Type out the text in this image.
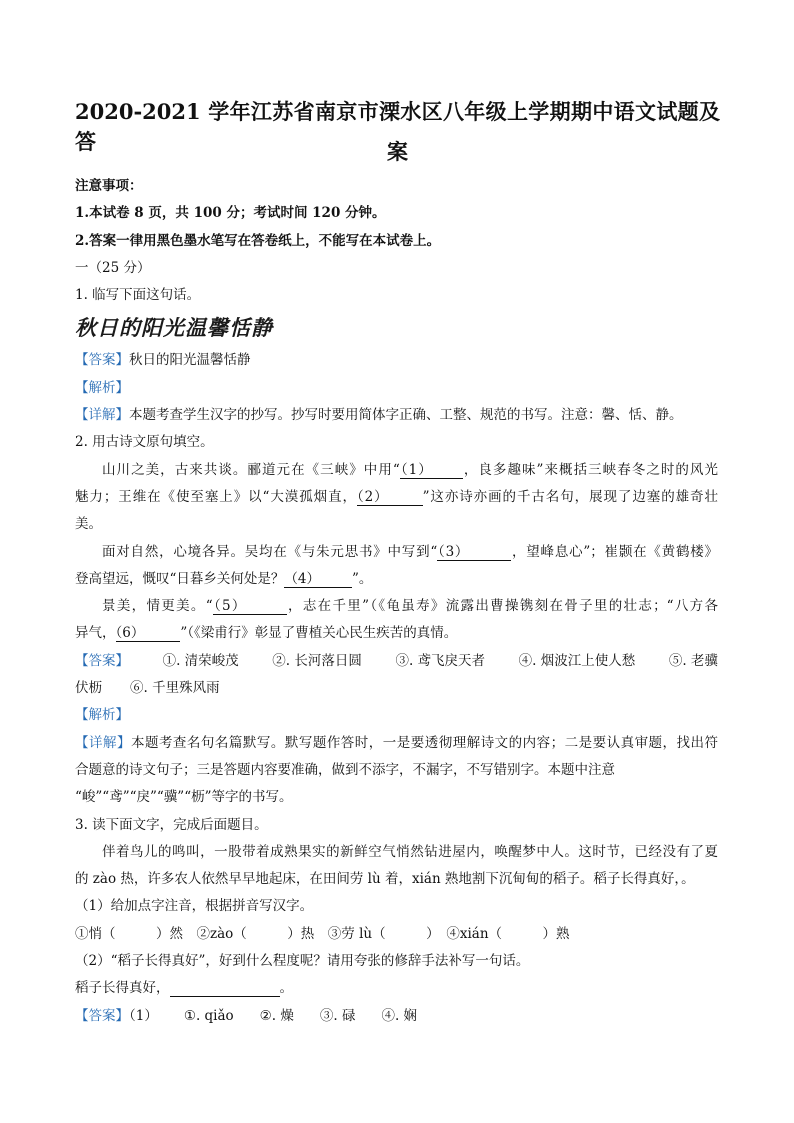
2020-2021 学年江苏省南京市溧水区八年级上学期期中语文试题及答	案
注意事项：
1.本试卷 8 页，共 100 分；考试时间 120 分钟。
2.答案一律用黑色墨水笔写在答卷纸上，不能写在本试卷上。
一（25 分）
1. 临写下面这句话。
秋日的阳光温馨恬静
【答案】秋日的阳光温馨恬静
【解析】
【详解】本题考查学生汉字的抄写。抄写时要用简体字正确、工整、规范的书写。注意：馨、恬、静。
2. 用古诗文原句填空。
山川之美，古来共谈。郦道元在《三峡》中用“（1） ，良多趣味”来概括三峡春冬之时的风光
魅力；王维在《使至塞上》以“大漠孤烟直，（2）	”这亦诗亦画的千古名句，展现了边塞的雄奇壮
美。
面对自然，心境各异。吴均在《与朱元思书》中写到“（3）	，望峰息心”；崔颢在《黄鹤楼》
登高望远，慨叹“日暮乡关何处是？（4） ”。
景美，情更美。“（5）	，志在千里”（《龟虽寿》流露出曹操镌刻在骨子里的壮志；“八方各
异气，（6）	”（《梁甫行》彰显了曹植关心民生疾苦的真情。
【答案】 ①. 清荣峻茂 ②. 长河落日圆 ③. 鸢飞戾天者 ④. 烟波江上使人愁 ⑤. 老骥
伏枥 ⑥. 千里殊风雨
【解析】
【详解】本题考查名句名篇默写。默写题作答时，一是要透彻理解诗文的内容；二是要认真审题，找出符
合题意的诗文句子；三是答题内容要准确，做到不添字，不漏字，不写错别字。本题中注意
“峻”“鸢”“戾”“骥”“枥”等字的书写。
3. 读下面文字，完成后面题目。
伴着鸟儿的鸣叫，一股带着成熟果实的新鲜空气悄然钻进屋内，唤醒梦中人。这时节，已经没有了夏
的 zào 热，许多农人依然早早地起床，在田间劳 lù 着，xián 熟地割下沉甸甸的稻子。稻子长得真好，。
（1）给加点字注音，根据拼音写汉字。
①悄（　　　）然　②zào（　　　）热　③劳 lù（　　　）　④xián（　　　）熟
（2）“稻子长得真好”，好到什么程度呢？请用夸张的修辞手法补写一句话。
稻子长得真好，	。
【答案】（1） ①. qiǎo ②. 燥 ③. 碌 ④. 娴
